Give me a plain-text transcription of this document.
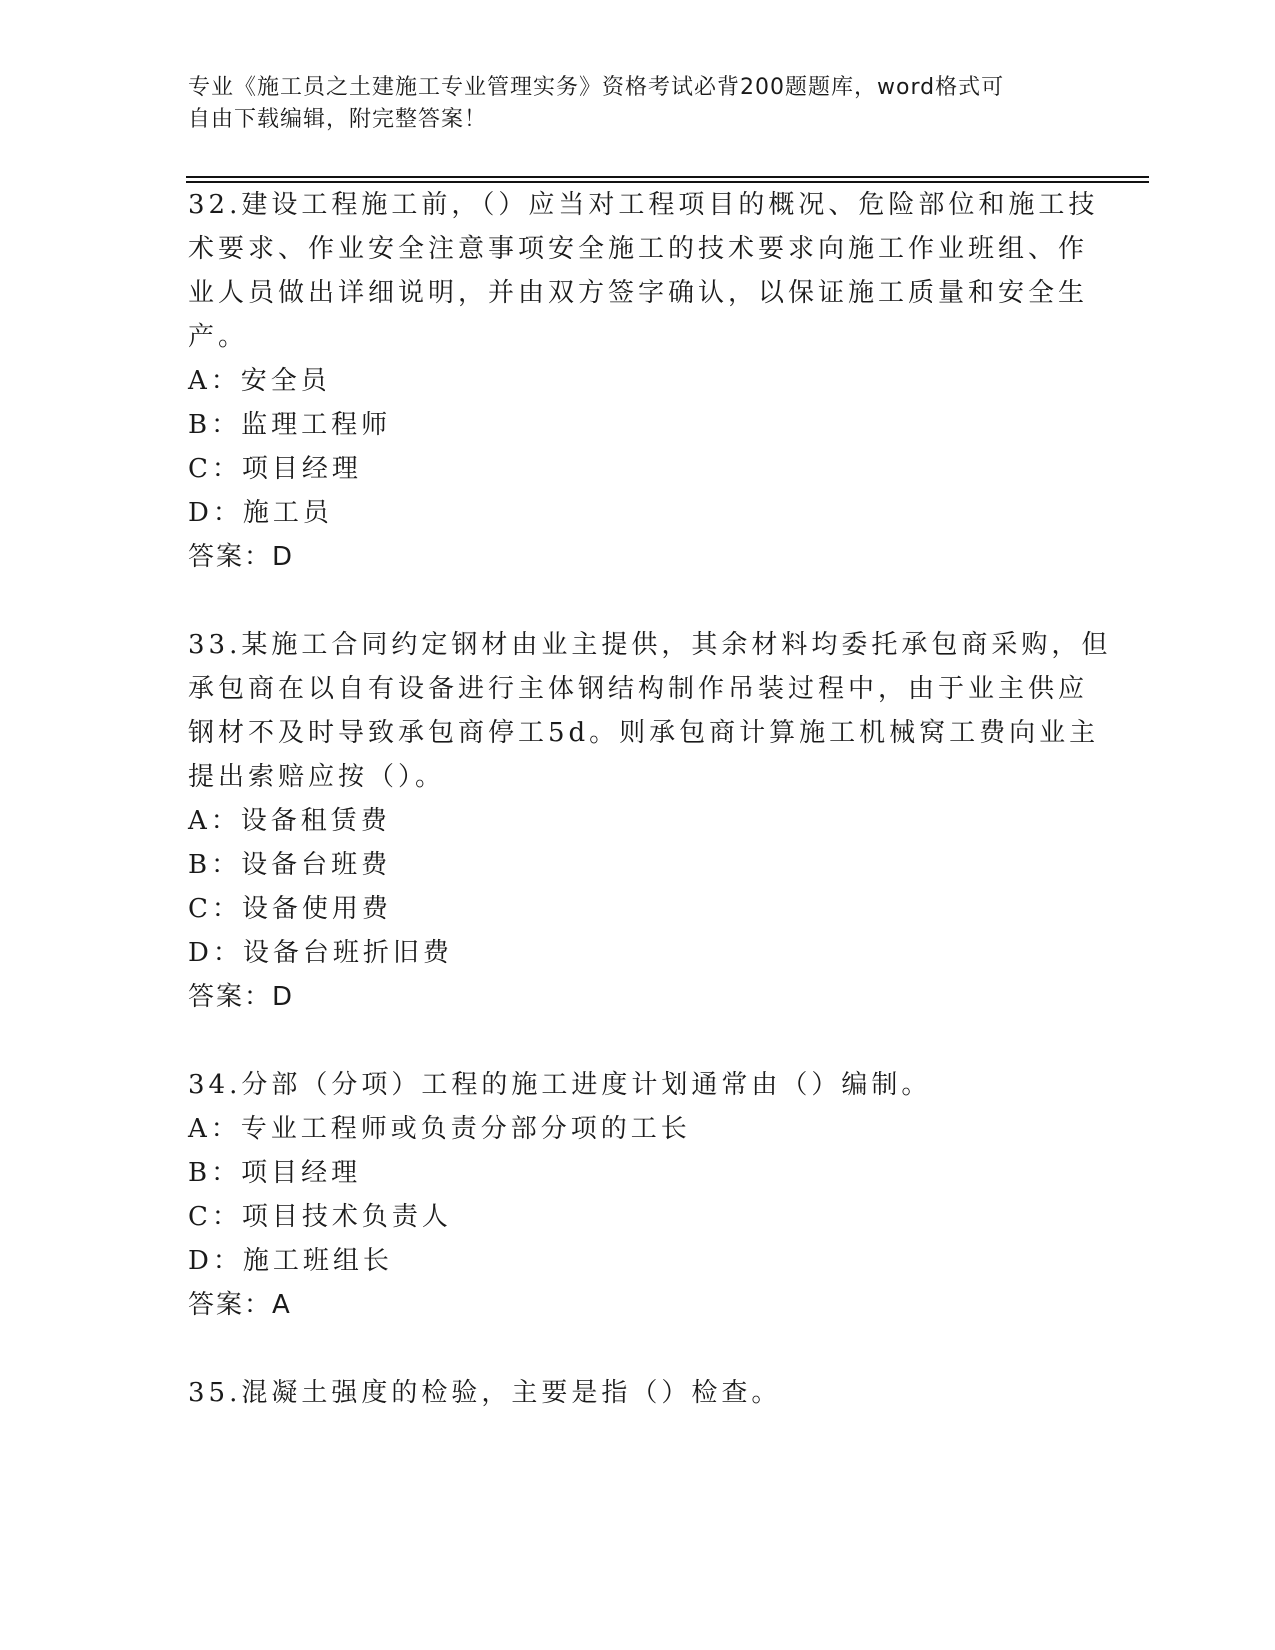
专业《施工员之土建施工专业管理实务》资格考试必背200题题库，word格式可
自由下载编辑，附完整答案！
32.建设工程施工前，（）应当对工程项目的概况、危险部位和施工技
术要求、作业安全注意事项安全施工的技术要求向施工作业班组、作
业人员做出详细说明，并由双方签字确认，以保证施工质量和安全生
产。
A：安全员
B：监理工程师
C：项目经理
D：施工员
答案：D
33.某施工合同约定钢材由业主提供，其余材料均委托承包商采购，但
承包商在以自有设备进行主体钢结构制作吊装过程中，由于业主供应
钢材不及时导致承包商停工5d。则承包商计算施工机械窝工费向业主
提出索赔应按（）。
A：设备租赁费
B：设备台班费
C：设备使用费
D：设备台班折旧费
答案：D
34.分部（分项）工程的施工进度计划通常由（）编制。
A：专业工程师或负责分部分项的工长
B：项目经理
C：项目技术负责人
D：施工班组长
答案：A
35.混凝土强度的检验，主要是指（）检查。
